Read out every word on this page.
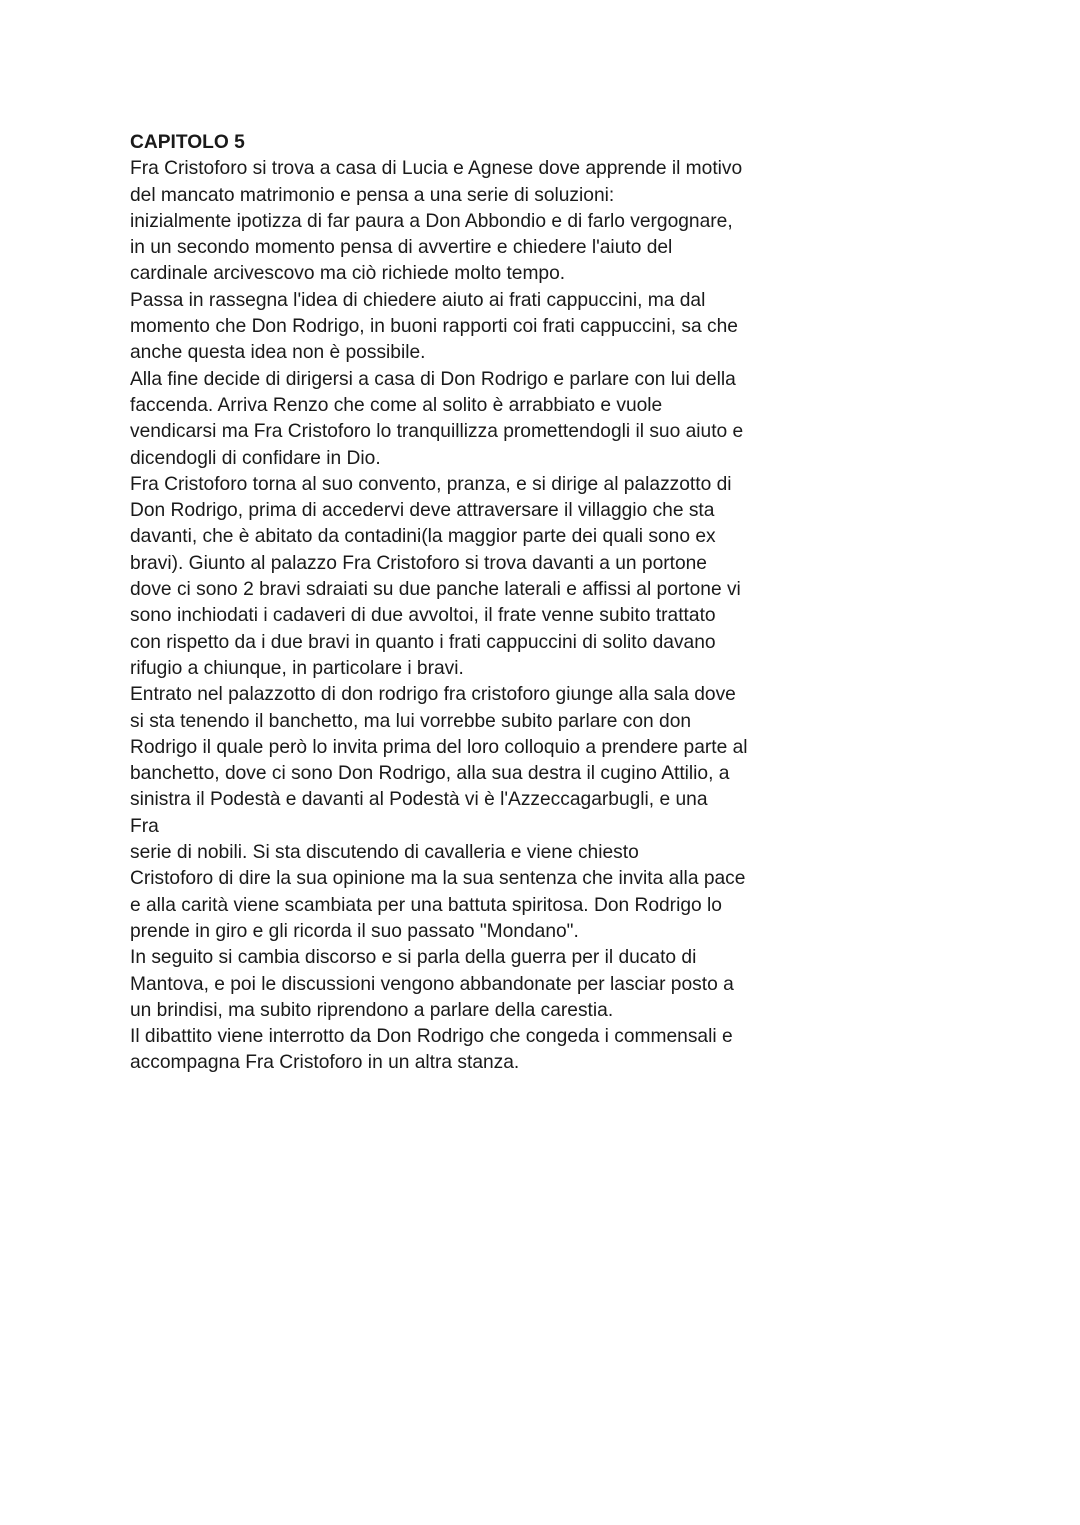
CAPITOLO 5
Fra Cristoforo si trova a casa di Lucia e Agnese dove apprende il motivo
del mancato matrimonio e pensa a una serie di soluzioni:
inizialmente ipotizza di far paura a Don Abbondio e di farlo vergognare,
in un secondo momento pensa di avvertire e chiedere l'aiuto del
cardinale arcivescovo ma ciò richiede molto tempo.
Passa in rassegna l'idea di chiedere aiuto ai frati cappuccini, ma dal
momento che Don Rodrigo, in buoni rapporti coi frati cappuccini, sa che
anche questa idea non è possibile.
Alla fine decide di dirigersi a casa di Don Rodrigo e parlare con lui della
faccenda. Arriva Renzo che come al solito è arrabbiato e vuole
vendicarsi ma Fra Cristoforo lo tranquillizza promettendogli il suo aiuto e
dicendogli di confidare in Dio.
Fra Cristoforo torna al suo convento, pranza, e si dirige al palazzotto di
Don Rodrigo, prima di accedervi deve attraversare il villaggio che sta
davanti, che è abitato da contadini(la maggior parte dei quali sono ex
bravi). Giunto al palazzo Fra Cristoforo si trova davanti a un portone
dove ci sono 2 bravi sdraiati su due panche laterali e affissi al portone vi
sono inchiodati i cadaveri di due avvoltoi, il frate venne subito trattato
con rispetto da i due bravi in quanto i frati cappuccini di solito davano
rifugio a chiunque, in particolare i bravi.
Entrato nel palazzotto di don rodrigo fra cristoforo giunge alla sala dove
si sta tenendo il banchetto, ma lui vorrebbe subito parlare con don
Rodrigo il quale però lo invita prima del loro colloquio a prendere parte al
banchetto, dove ci sono Don Rodrigo, alla sua destra il cugino Attilio, a
sinistra il Podestà e davanti al Podestà vi è l'Azzeccagarbugli, e una
Fra
serie di nobili. Si sta discutendo di cavalleria e viene chiesto
Cristoforo di dire la sua opinione ma la sua sentenza che invita alla pace
e alla carità viene scambiata per una battuta spiritosa. Don Rodrigo lo
prende in giro e gli ricorda il suo passato "Mondano".
In seguito si cambia discorso e si parla della guerra per il ducato di
Mantova, e poi le discussioni vengono abbandonate per lasciar posto a
un brindisi, ma subito riprendono a parlare della carestia.
Il dibattito viene interrotto da Don Rodrigo che congeda i commensali e
accompagna Fra Cristoforo in un altra stanza.
